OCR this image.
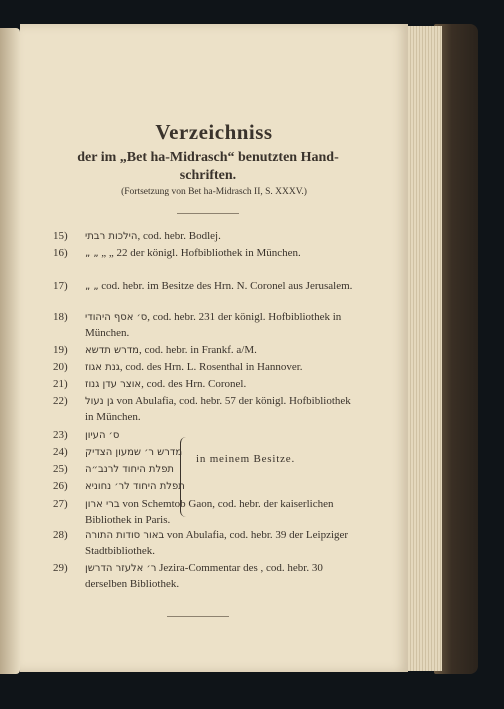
Verzeichniss
der im „Bet ha-Midrasch“ benutzten Handschriften.
(Fortsetzung von Bet ha-Midrasch II, S. XXXV.)
15)	הילכות רבתי, cod. hebr. Bodlej.
16)	„ „ „ „ 22 der königl. Hofbibliothek in München.
17)	„ „ cod. hebr. im Besitze des Hrn. N. Coronel aus Jerusalem.
18)	ס׳ אסף היהודי, cod. hebr. 231 der königl. Hofbibliothek in München.
19)	מדרש תדשא, cod. hebr. in Frankf. a/M.
20)	גנת אגוז, cod. des Hrn. L. Rosenthal in Hannover.
21)	אוצר עדן גנוז, cod. des Hrn. Coronel.
22)	גן נעול von Abulafia, cod. hebr. 57 der königl. Hofbibliothek in München.
23)	ס׳ העיון
24)	מדרש ר׳ שמעון הצדיק
25)	תפלת היחוד לרנב״ה
26)	תפלת היחוד לר׳ נחוניא
in meinem Besitze.
27)	ברי ארון von Schemtob Gaon, cod. hebr. der kaiserlichen Bibliothek in Paris.
28)	באור סודות התורה von Abulafia, cod. hebr. 39 der Leipziger Stadtbibliothek.
29)	ר׳ אלעזר הדרשן Jezira-Commentar des , cod. hebr. 30 derselben Bibliothek.
